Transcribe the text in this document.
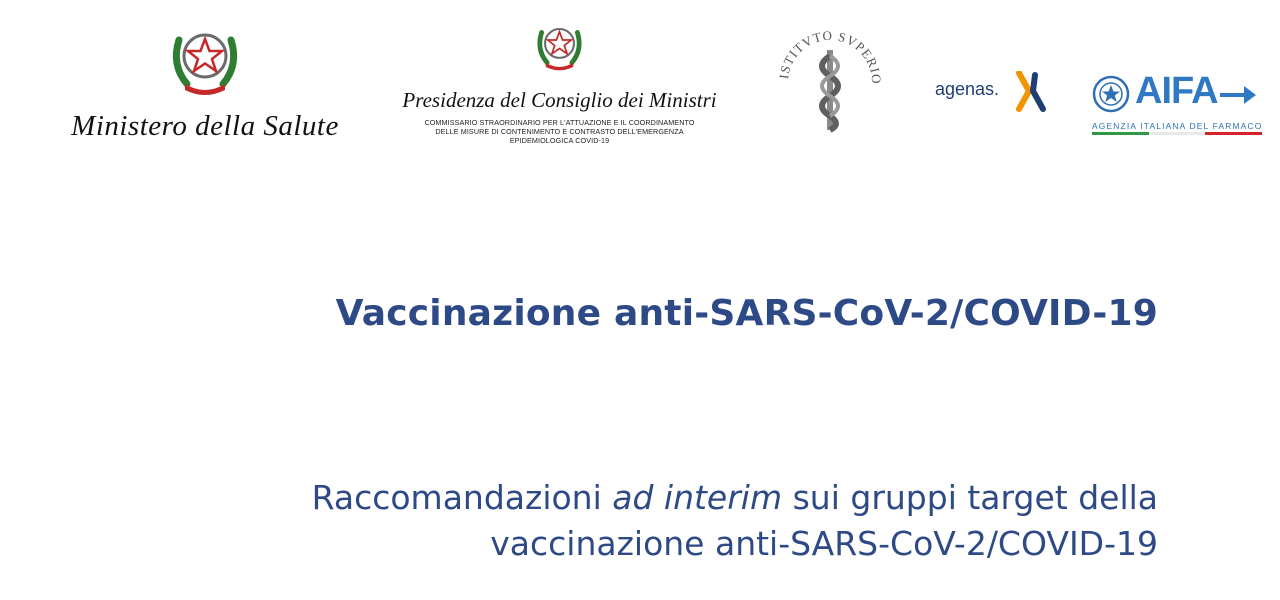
Ministero della Salute
Presidenza del Consiglio dei Ministri
COMMISSARIO STRAORDINARIO PER L'ATTUAZIONE E IL COORDINAMENTO
DELLE MISURE DI CONTENIMENTO E CONTRASTO DELL'EMERGENZA
EPIDEMIOLOGICA COVID-19
ISTITVTO SVPERIO	agenas.	AIFA
AGENZIA ITALIANA DEL FARMACO
Vaccinazione anti-SARS-CoV-2/COVID-19
Raccomandazioni ad interim sui gruppi target della
vaccinazione anti-SARS-CoV-2/COVID-19
